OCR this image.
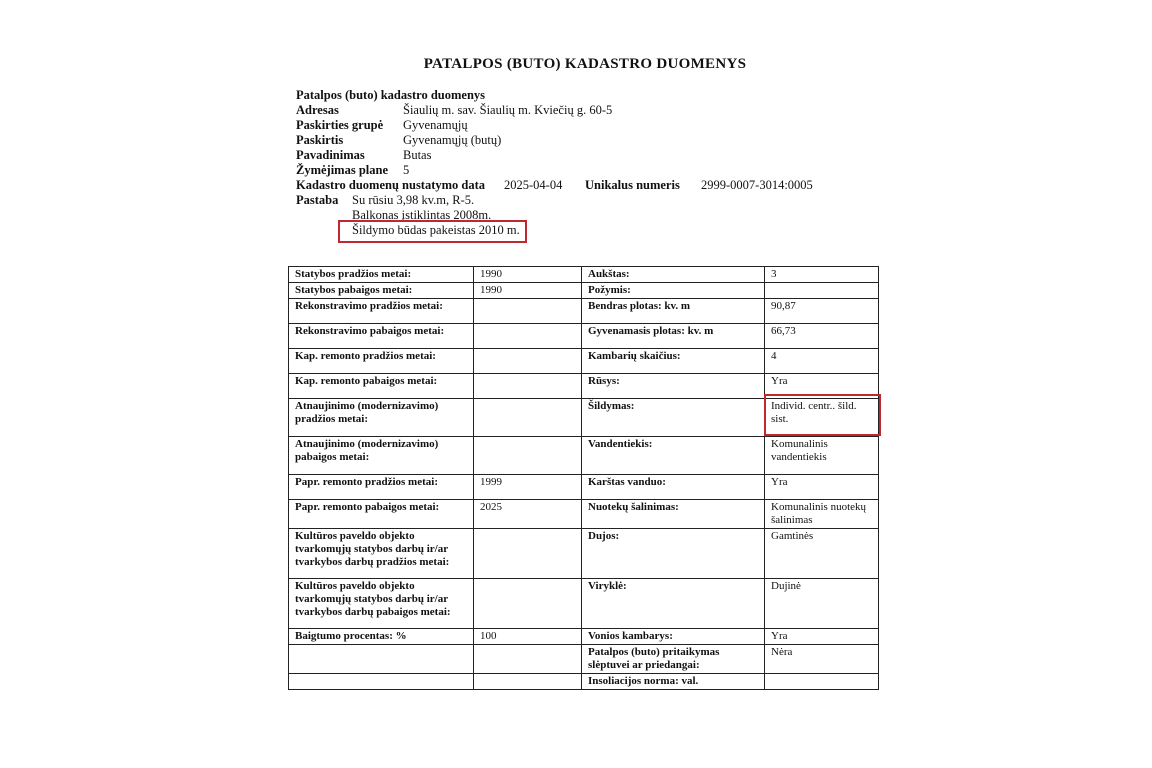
PATALPOS (BUTO) KADASTRO DUOMENYS
Patalpos (buto) kadastro duomenys
Adresas	Šiaulių m. sav. Šiaulių m. Kviečių g. 60-5
Paskirties grupė Gyvenamųjų
Paskirtis	Gyvenamųjų (butų)
Pavadinimas	Butas
Žymėjimas plane 5
Kadastro duomenų nustatymo data 2025-04-04 Unikalus numeris 2999-0007-3014:0005
Pastaba Su rūsiu 3,98 kv.m, R-5.
Balkonas įstiklintas 2008m.
Šildymo būdas pakeistas 2010 m.
Statybos pradžios metai:	1990	Aukštas:	3
Statybos pabaigos metai:	1990	Požymis:	
Rekonstravimo pradžios metai:		Bendras plotas: kv. m	90,87
Rekonstravimo pabaigos metai:		Gyvenamasis plotas: kv. m	66,73
Kap. remonto pradžios metai:		Kambarių skaičius:	4
Kap. remonto pabaigos metai:		Rūsys:	Yra
Atnaujinimo (modernizavimo) pradžios metai:		Šildymas:	Individ. centr.. šild. sist.
Atnaujinimo (modernizavimo) pabaigos metai:		Vandentiekis:	Komunalinis vandentiekis
Papr. remonto pradžios metai:	1999	Karštas vanduo:	Yra
Papr. remonto pabaigos metai:	2025	Nuotekų šalinimas:	Komunalinis nuotekų šalinimas
Kultūros paveldo objekto tvarkomųjų statybos darbų ir/ar tvarkybos darbų pradžios metai:		Dujos:	Gamtinės
Kultūros paveldo objekto tvarkomųjų statybos darbų ir/ar tvarkybos darbų pabaigos metai:		Viryklė:	Dujinė
Baigtumo procentas: %	100	Vonios kambarys:	Yra
		Patalpos (buto) pritaikymas slėptuvei ar priedangai:	Nėra
		Insoliacijos norma: val.	
